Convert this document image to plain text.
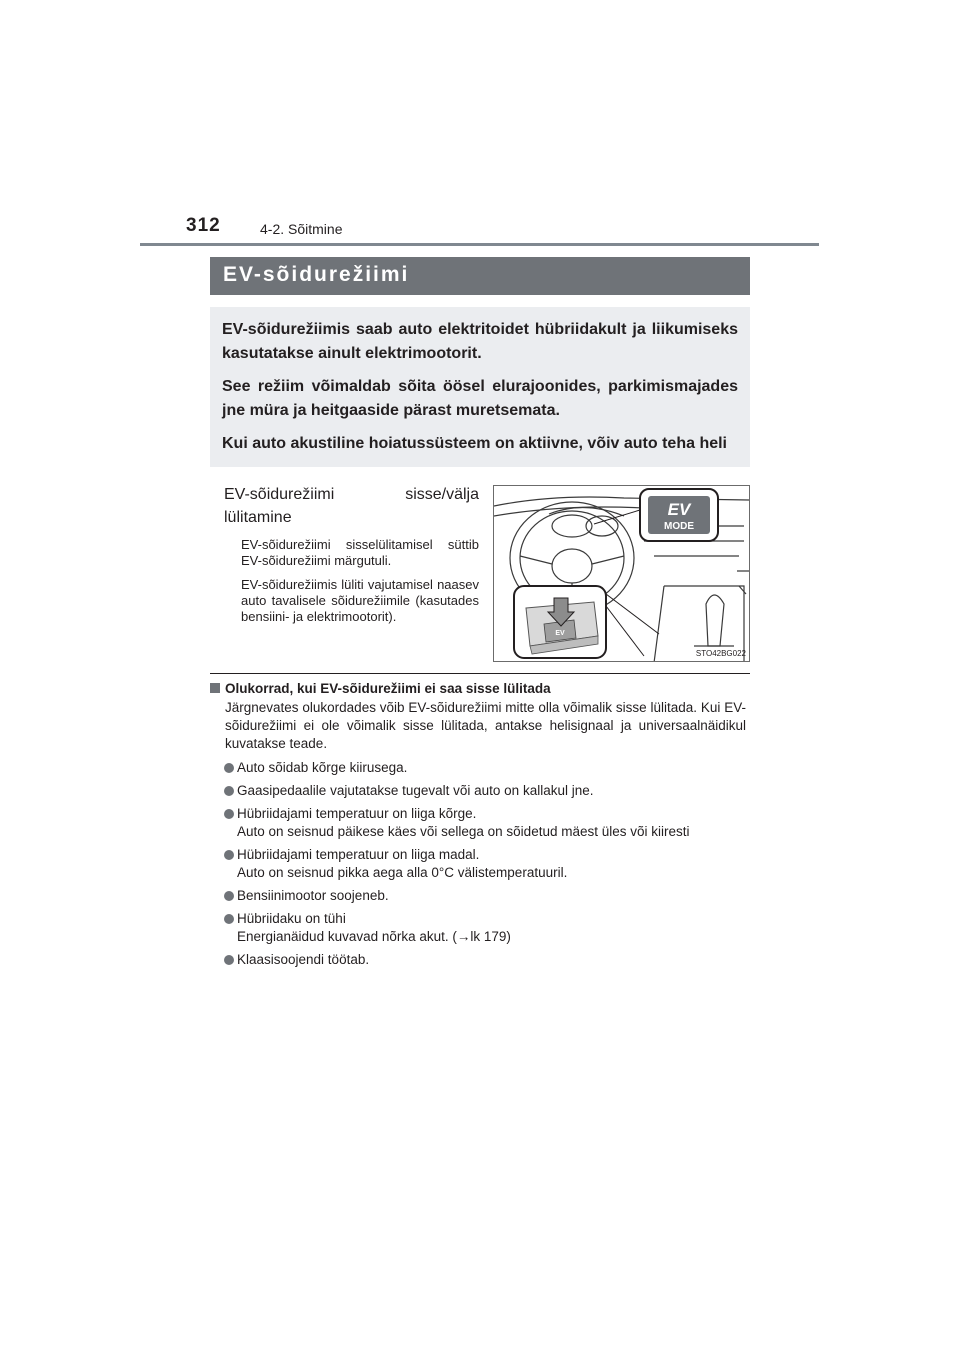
312	4-2. Sõitmine
EV-sõidurežiimi

EV-sõidurežiimis saab auto elektritoidet hübriidakult ja liikumiseks kasutatakse ainult elektrimootorit.

See režiim võimaldab sõita öösel elurajoonides, parkimismajades jne müra ja heitgaaside pärast muretsemata.

Kui auto akustiline hoiatussüsteem on aktiivne, võiv auto teha heli

EV-sõidurežiimi sisse/välja lülitamine

EV-sõidurežiimi sisselülitamisel süttib EV-sõidurežiimi märgutuli.

EV-sõidurežiimis lüliti vajutamisel naasev auto tavalisele sõidurežiimile (kasutades bensiini- ja elektrimootorit).

EV
EV
MODE
STO42BG022

Olukorrad, kui EV-sõidurežiimi ei saa sisse lülitada

Järgnevates olukordades võib EV-sõidurežiimi mitte olla võimalik sisse lülitada. Kui EV-sõidurežiimi ei ole võimalik sisse lülitada, antakse helisignaal ja universaalnäidikul kuvatakse teade.

Auto sõidab kõrge kiirusega.
Gaasipedaalile vajutatakse tugevalt või auto on kallakul jne.
Hübriidajami temperatuur on liiga kõrge.
Auto on seisnud päikese käes või sellega on sõidetud mäest üles või kiiresti
Hübriidajami temperatuur on liiga madal.
Auto on seisnud pikka aega alla 0°C välistemperatuuril.
Bensiinimootor soojeneb.
Hübriidaku on tühi
Energianäidud kuvavad nõrka akut. (→lk 179)
Klaasisoojendi töötab.
